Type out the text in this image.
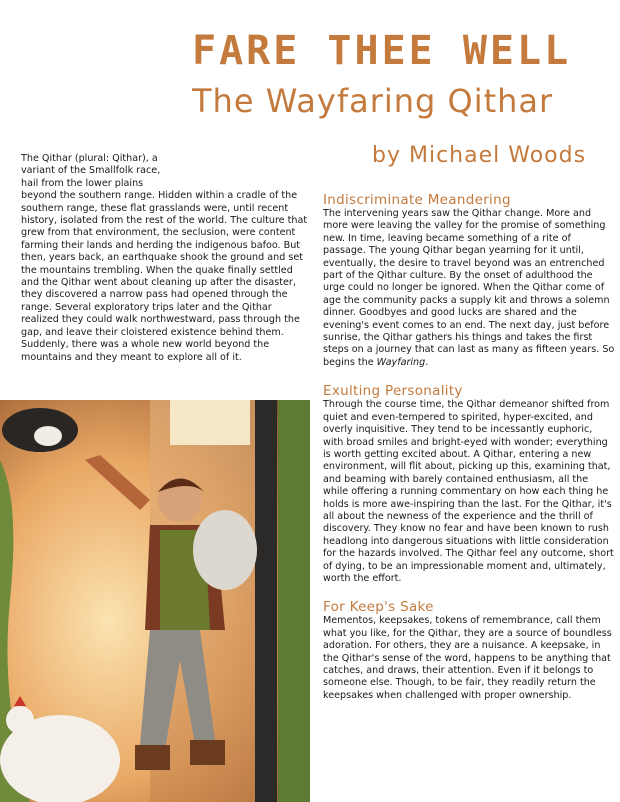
FARE THEE WELL
The Wayfaring Qithar
by Michael Woods
The Qithar (plural: Qithar), a
variant of the Smallfolk race,
hail from the lower plains
beyond the southern range. Hidden within a cradle of the southern range, these flat grasslands were, until recent history, isolated from the rest of the world. The culture that grew from that environment, the seclusion, were content farming their lands and herding the indigenous bafoo. But then, years back, an earthquake shook the ground and set the mountains trembling. When the quake finally settled and the Qithar went about cleaning up after the disaster, they discovered a narrow pass had opened through the range. Several exploratory trips later and the Qithar realized they could walk northwestward, pass through the gap, and leave their cloistered existence behind them. Suddenly, there was a whole new world beyond the mountains and they meant to explore all of it.
Indiscriminate Meandering

The intervening years saw the Qithar change. More and more were leaving the valley for the promise of something new. In time, leaving became something of a rite of passage. The young Qithar began yearning for it until, eventually, the desire to travel beyond was an entrenched part of the Qithar culture. By the onset of adulthood the urge could no longer be ignored. When the Qithar come of age the community packs a supply kit and throws a solemn dinner. Goodbyes and good lucks are shared and the evening's event comes to an end. The next day, just before sunrise, the Qithar gathers his things and takes the first steps on a journey that can last as many as fifteen years. So begins the Wayfaring.

Exulting Personality

Through the course time, the Qithar demeanor shifted from quiet and even-tempered to spirited, hyper-excited, and overly inquisitive. They tend to be incessantly euphoric, with broad smiles and bright-eyed with wonder; everything is worth getting excited about. A Qithar, entering a new environment, will flit about, picking up this, examining that, and beaming with barely contained enthusiasm, all the while offering a running commentary on how each thing he holds is more awe-inspiring than the last. For the Qithar, it's all about the newness of the experience and the thrill of discovery. They know no fear and have been known to rush headlong into dangerous situations with little consideration for the hazards involved. The Qithar feel any outcome, short of dying, to be an impressionable moment and, ultimately, worth the effort.

For Keep's Sake

Mementos, keepsakes, tokens of remembrance, call them what you like, for the Qithar, they are a source of boundless adoration. For others, they are a nuisance. A keepsake, in the Qithar's sense of the word, happens to be anything that catches, and draws, their attention. Even if it belongs to someone else. Though, to be fair, they readily return the keepsakes when challenged with proper ownership.
